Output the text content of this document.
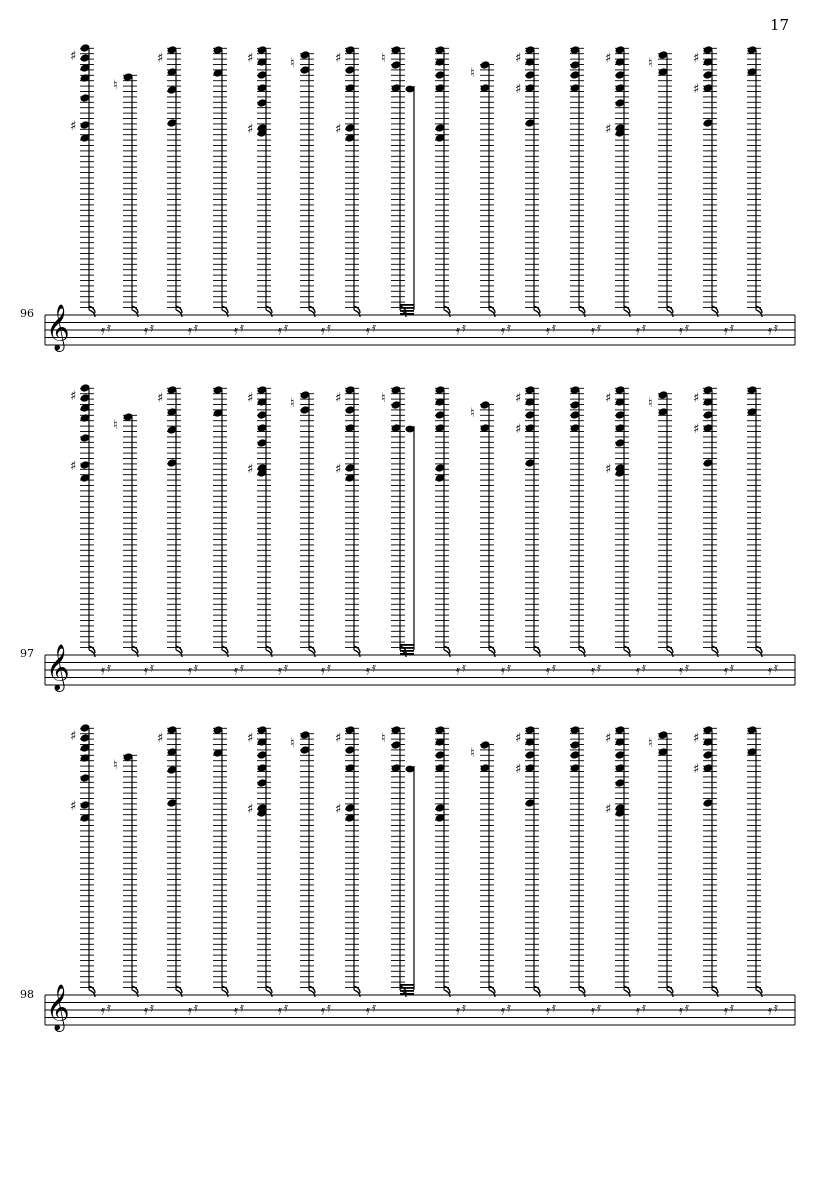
17
96
97
98
𝄞
♯
♯
𝄿 𝄿
♮
𝄿 𝄿
♯
𝄿 𝄿	𝄿 𝄿
♯
♯
𝄿 𝄿
♮
𝄿 𝄿
♯
♯
𝄿 𝄿
♮
𝄿 𝄿
♮
𝄿 𝄿
♯
♯
𝄿 𝄿	𝄿 𝄿
♯
♯
𝄿 𝄿
♮
𝄿 𝄿
♯
♯
𝄿 𝄿	𝄿 𝄿
𝄞
♯
♯
𝄿 𝄿
♮
𝄿 𝄿
♯
𝄿 𝄿	𝄿 𝄿
♯
♯
𝄿 𝄿
♮
𝄿 𝄿
♯
♯
𝄿 𝄿
♮
𝄿 𝄿
♮
𝄿 𝄿
♯
♯
𝄿 𝄿	𝄿 𝄿
♯
♯
𝄿 𝄿
♮
𝄿 𝄿
♯
♯
𝄿 𝄿	𝄿 𝄿
𝄞
♯
♯
𝄿 𝄿
♮
𝄿 𝄿
♯
𝄿 𝄿	𝄿 𝄿
♯
♯
𝄿 𝄿
♮
𝄿 𝄿
♯
♯
𝄿 𝄿
♮
𝄿 𝄿
♮
𝄿 𝄿
♯
♯
𝄿 𝄿	𝄿 𝄿
♯
♯
𝄿 𝄿
♮
𝄿 𝄿
♯
♯
𝄿 𝄿	𝄿 𝄿
